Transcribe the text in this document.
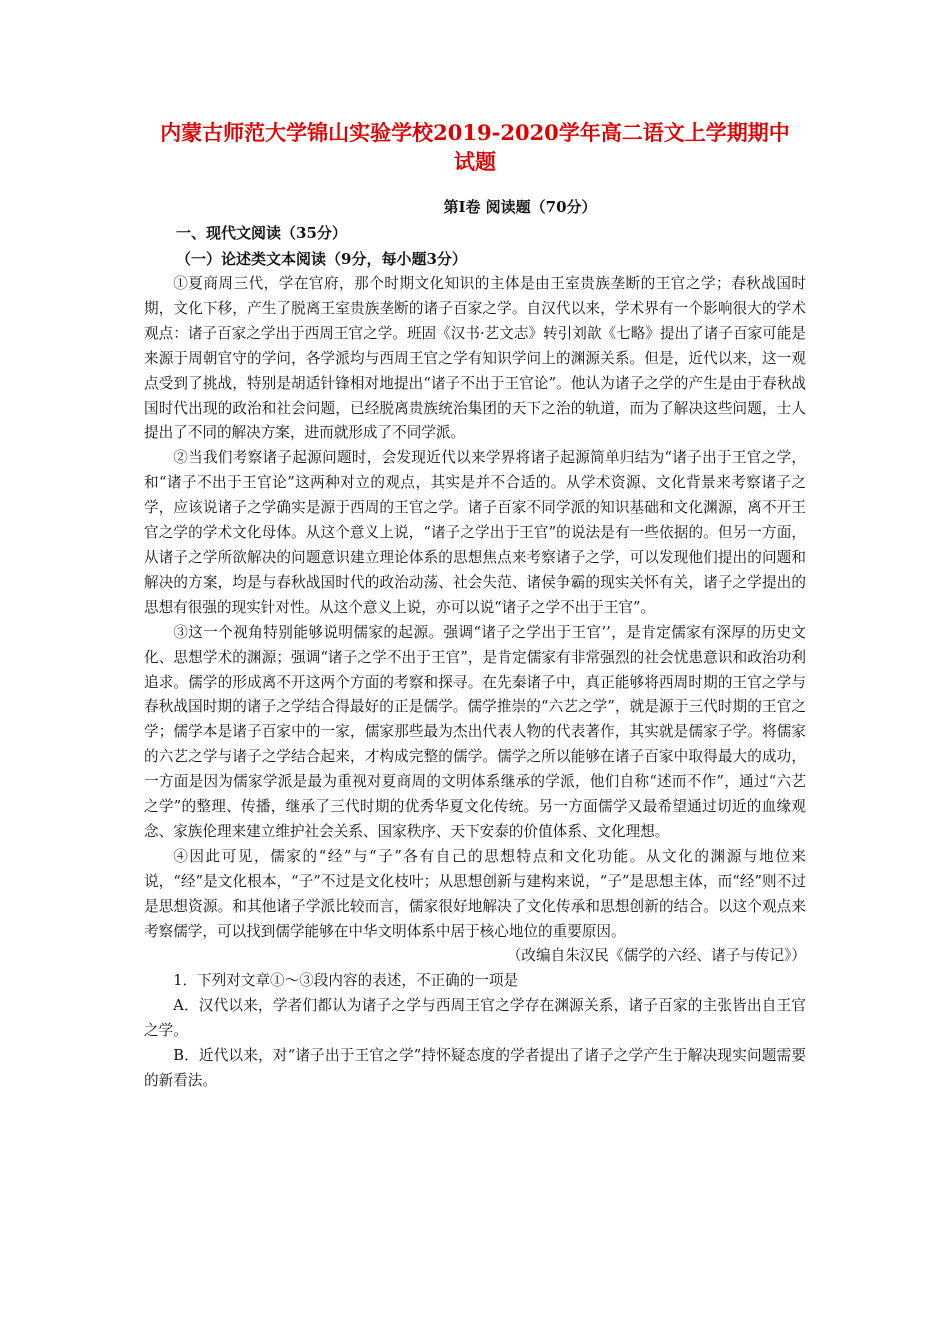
内蒙古师范大学锦山实验学校2019-2020学年高二语文上学期期中试题
第Ⅰ卷 阅读题（70分）
一、现代文阅读（35分）
（一）论述类文本阅读（9分，每小题3分）

①夏商周三代，学在官府，那个时期文化知识的主体是由王室贵族垄断的王官之学；春秋战国时期，文化下移，产生了脱离王室贵族垄断的诸子百家之学。自汉代以来，学术界有一个影响很大的学术观点：诸子百家之学出于西周王官之学。班固《汉书·艺文志》转引刘歆《七略》提出了诸子百家可能是来源于周朝官守的学问，各学派均与西周王官之学有知识学问上的渊源关系。但是，近代以来，这一观点受到了挑战，特别是胡适针锋相对地提出“诸子不出于王官论”。他认为诸子之学的产生是由于春秋战国时代出现的政治和社会问题，已经脱离贵族统治集团的天下之治的轨道，而为了解决这些问题，士人提出了不同的解决方案，进而就形成了不同学派。

②当我们考察诸子起源问题时，会发现近代以来学界将诸子起源简单归结为“诸子出于王官之学，和“诸子不出于王官论”这两种对立的观点，其实是并不合适的。从学术资源、文化背景来考察诸子之学，应该说诸子之学确实是源于西周的王官之学。诸子百家不同学派的知识基础和文化渊源，离不开王官之学的学术文化母体。从这个意义上说，“诸子之学出于王官”的说法是有一些依据的。但另一方面，从诸子之学所欲解决的问题意识建立理论体系的思想焦点来考察诸子之学，可以发现他们提出的问题和解决的方案，均是与春秋战国时代的政治动荡、社会失范、诸侯争霸的现实关怀有关，诸子之学提出的思想有很强的现实针对性。从这个意义上说，亦可以说“诸子之学不出于王官”。

③这一个视角特别能够说明儒家的起源。强调“诸子之学出于王官’’，是肯定儒家有深厚的历史文化、思想学术的渊源；强调“诸子之学不出于王官”，是肯定儒家有非常强烈的社会忧患意识和政治功利追求。儒学的形成离不开这两个方面的考察和探寻。在先秦诸子中，真正能够将西周时期的王官之学与春秋战国时期的诸子之学结合得最好的正是儒学。儒学推崇的“六艺之学”，就是源于三代时期的王官之学；儒学本是诸子百家中的一家，儒家那些最为杰出代表人物的代表著作，其实就是儒家子学。将儒家的六艺之学与诸子之学结合起来，才构成完整的儒学。儒学之所以能够在诸子百家中取得最大的成功，一方面是因为儒家学派是最为重视对夏商周的文明体系继承的学派，他们自称“述而不作”，通过“六艺之学”的整理、传播，继承了三代时期的优秀华夏文化传统。另一方面儒学又最希望通过切近的血缘观念、家族伦理来建立维护社会关系、国家秩序、天下安泰的价值体系、文化理想。

④因此可见，儒家的“经”与“子”各有自己的思想特点和文化功能。从文化的渊源与地位来说，“经”是文化根本，“子”不过是文化枝叶；从思想创新与建构来说，“子”是思想主体，而“经”则不过是思想资源。和其他诸子学派比较而言，儒家很好地解决了文化传承和思想创新的结合。以这个观点来考察儒学，可以找到儒学能够在中华文明体系中居于核心地位的重要原因。

（改编自朱汉民《儒学的六经、诸子与传记》）

1．下列对文章①～③段内容的表述，不正确的一项是

A．汉代以来，学者们都认为诸子之学与西周王官之学存在渊源关系，诸子百家的主张皆出自王官之学。

B．近代以来，对“诸子出于王官之学”持怀疑态度的学者提出了诸子之学产生于解决现实问题需要的新看法。
